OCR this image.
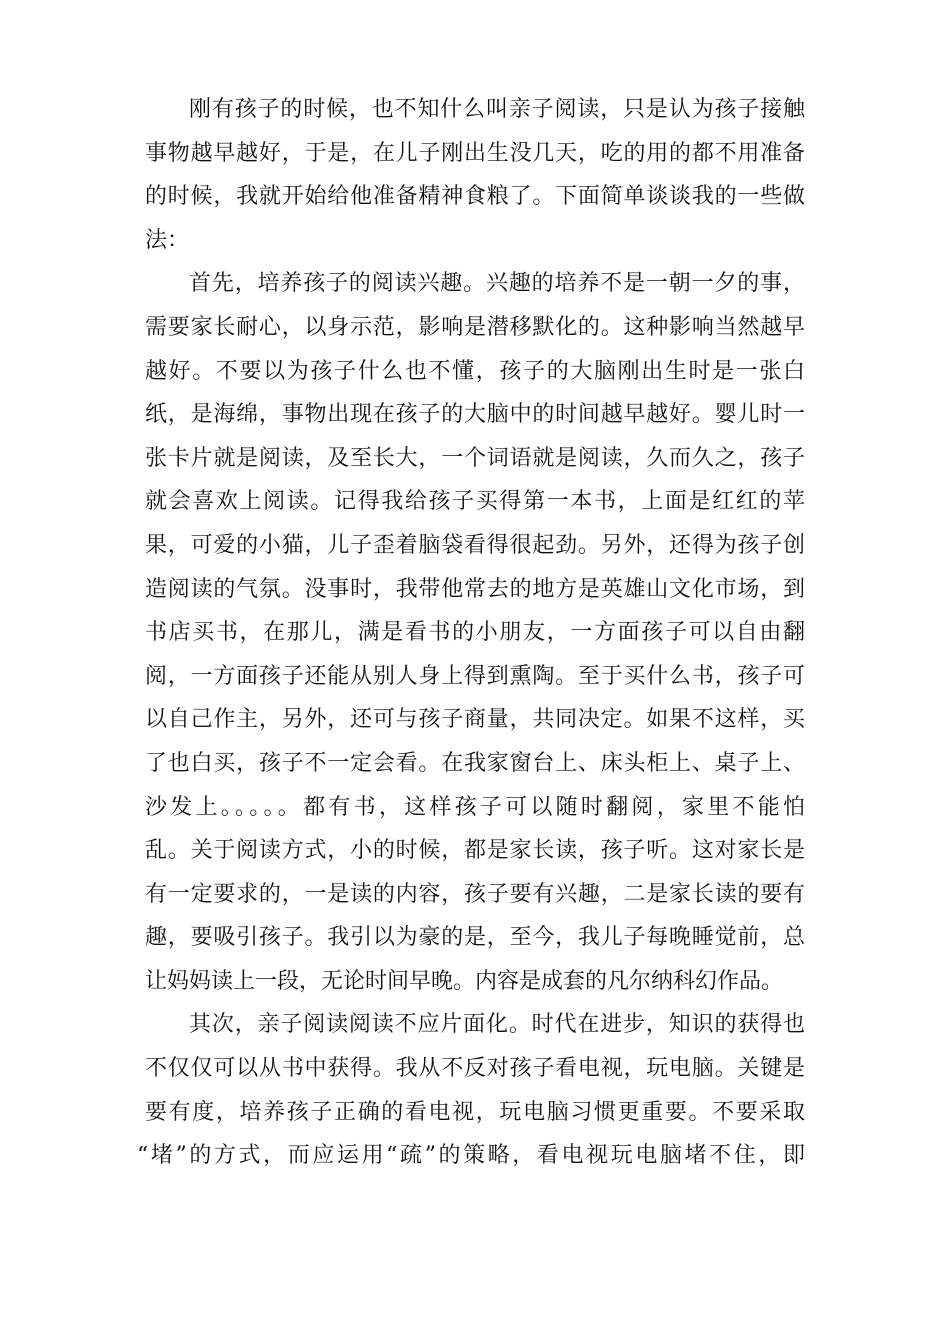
刚有孩子的时候，也不知什么叫亲子阅读，只是认为孩子接触
事物越早越好，于是，在儿子刚出生没几天，吃的用的都不用准备
的时候，我就开始给他准备精神食粮了。下面简单谈谈我的一些做
法：
首先，培养孩子的阅读兴趣。兴趣的培养不是一朝一夕的事，
需要家长耐心，以身示范，影响是潜移默化的。这种影响当然越早
越好。不要以为孩子什么也不懂，孩子的大脑刚出生时是一张白
纸，是海绵，事物出现在孩子的大脑中的时间越早越好。婴儿时一
张卡片就是阅读，及至长大，一个词语就是阅读，久而久之，孩子
就会喜欢上阅读。记得我给孩子买得第一本书，上面是红红的苹
果，可爱的小猫，儿子歪着脑袋看得很起劲。另外，还得为孩子创
造阅读的气氛。没事时，我带他常去的地方是英雄山文化市场，到
书店买书，在那儿，满是看书的小朋友，一方面孩子可以自由翻
阅，一方面孩子还能从别人身上得到熏陶。至于买什么书，孩子可
以自己作主，另外，还可与孩子商量，共同决定。如果不这样，买
了也白买，孩子不一定会看。在我家窗台上、床头柜上、桌子上、
沙发上。。。。。都有书，这样孩子可以随时翻阅，家里不能怕
乱。关于阅读方式，小的时候，都是家长读，孩子听。这对家长是
有一定要求的，一是读的内容，孩子要有兴趣，二是家长读的要有
趣，要吸引孩子。我引以为豪的是，至今，我儿子每晚睡觉前，总
让妈妈读上一段，无论时间早晚。内容是成套的凡尔纳科幻作品。
其次，亲子阅读阅读不应片面化。时代在进步，知识的获得也
不仅仅可以从书中获得。我从不反对孩子看电视，玩电脑。关键是
要有度，培养孩子正确的看电视，玩电脑习惯更重要。不要采取
“堵”的方式，而应运用“疏”的策略，看电视玩电脑堵不住，即
